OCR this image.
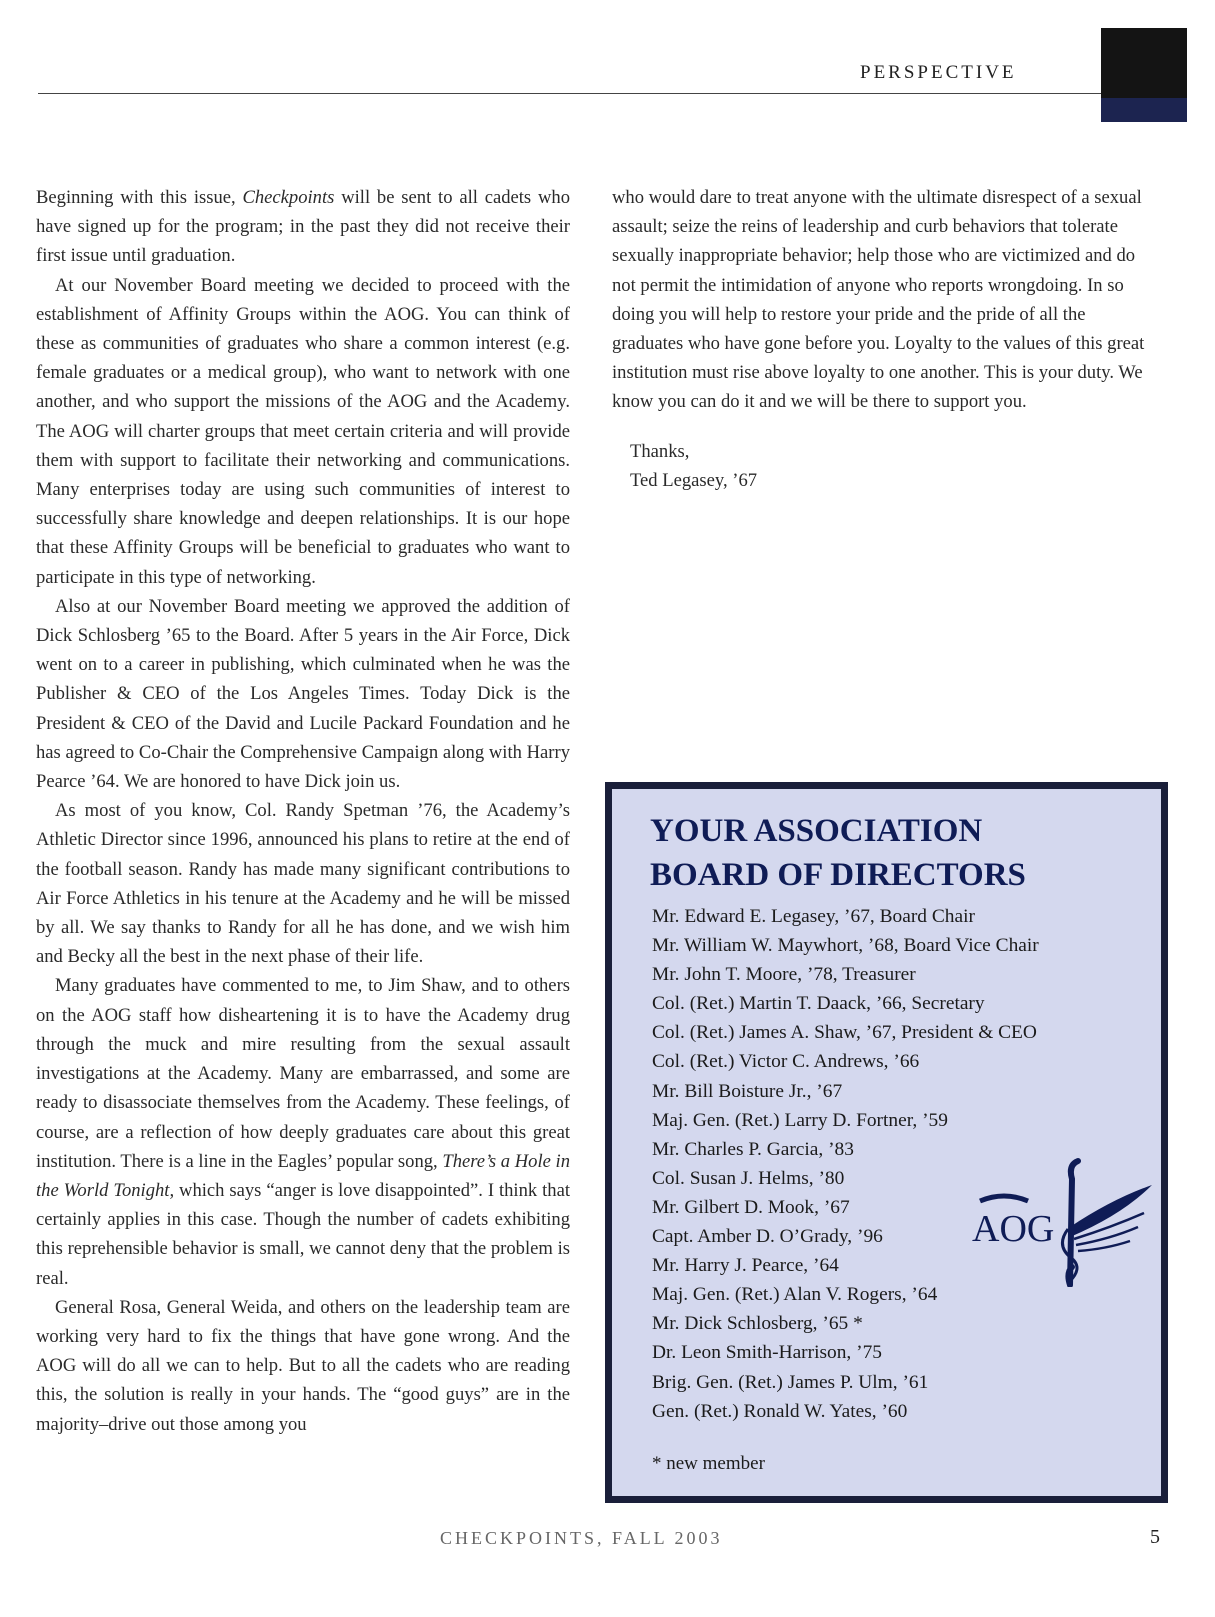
PERSPECTIVE

Beginning with this issue, Checkpoints will be sent to all cadets who have signed up for the program; in the past they did not receive their first issue until graduation.

At our November Board meeting we decided to proceed with the establishment of Affinity Groups within the AOG. You can think of these as communities of graduates who share a common interest (e.g. female graduates or a medical group), who want to network with one another, and who support the missions of the AOG and the Academy. The AOG will charter groups that meet certain criteria and will provide them with support to facilitate their networking and communications. Many enterprises today are using such communities of interest to successfully share knowledge and deepen relationships. It is our hope that these Affinity Groups will be beneficial to graduates who want to participate in this type of networking.

Also at our November Board meeting we approved the addition of Dick Schlosberg ’65 to the Board. After 5 years in the Air Force, Dick went on to a career in publishing, which culminated when he was the Publisher & CEO of the Los Angeles Times. Today Dick is the President & CEO of the David and Lucile Packard Foundation and he has agreed to Co-Chair the Comprehensive Campaign along with Harry Pearce ’64. We are honored to have Dick join us.

As most of you know, Col. Randy Spetman ’76, the Academy’s Athletic Director since 1996, announced his plans to retire at the end of the football season. Randy has made many significant contributions to Air Force Athletics in his tenure at the Academy and he will be missed by all. We say thanks to Randy for all he has done, and we wish him and Becky all the best in the next phase of their life.

Many graduates have commented to me, to Jim Shaw, and to others on the AOG staff how disheartening it is to have the Academy drug through the muck and mire resulting from the sexual assault investigations at the Academy. Many are embarrassed, and some are ready to disassociate themselves from the Academy. These feelings, of course, are a reflection of how deeply graduates care about this great institution. There is a line in the Eagles’ popular song, There’s a Hole in the World Tonight, which says “anger is love disappointed”. I think that certainly applies in this case. Though the number of cadets exhibiting this reprehensible behavior is small, we cannot deny that the problem is real.

General Rosa, General Weida, and others on the leadership team are working very hard to fix the things that have gone wrong. And the AOG will do all we can to help. But to all the cadets who are reading this, the solution is really in your hands. The “good guys” are in the majority–drive out those among you

who would dare to treat anyone with the ultimate disrespect of a sexual assault; seize the reins of leadership and curb behaviors that tolerate sexually inappropriate behavior; help those who are victimized and do not permit the intimidation of anyone who reports wrongdoing. In so doing you will help to restore your pride and the pride of all the graduates who have gone before you. Loyalty to the values of this great institution must rise above loyalty to one another. This is your duty. We know you can do it and we will be there to support you.

Thanks,
Ted Legasey, ’67
YOUR ASSOCIATION
BOARD OF DIRECTORS
Mr. Edward E. Legasey, ’67, Board Chair
Mr. William W. Maywhort, ’68, Board Vice Chair
Mr. John T. Moore, ’78, Treasurer
Col. (Ret.) Martin T. Daack, ’66, Secretary
Col. (Ret.) James A. Shaw, ’67, President & CEO
Col. (Ret.) Victor C. Andrews, ’66
Mr. Bill Boisture Jr., ’67
Maj. Gen. (Ret.) Larry D. Fortner, ’59
Mr. Charles P. Garcia, ’83
Col. Susan J. Helms, ’80
Mr. Gilbert D. Mook, ’67
Capt. Amber D. O’Grady, ’96
Mr. Harry J. Pearce, ’64
Maj. Gen. (Ret.) Alan V. Rogers, ’64
Mr. Dick Schlosberg, ’65 *
Dr. Leon Smith-Harrison, ’75
Brig. Gen. (Ret.) James P. Ulm, ’61
Gen. (Ret.) Ronald W. Yates, ’60
* new member
AOG
CHECKPOINTS, FALL 2003	5
